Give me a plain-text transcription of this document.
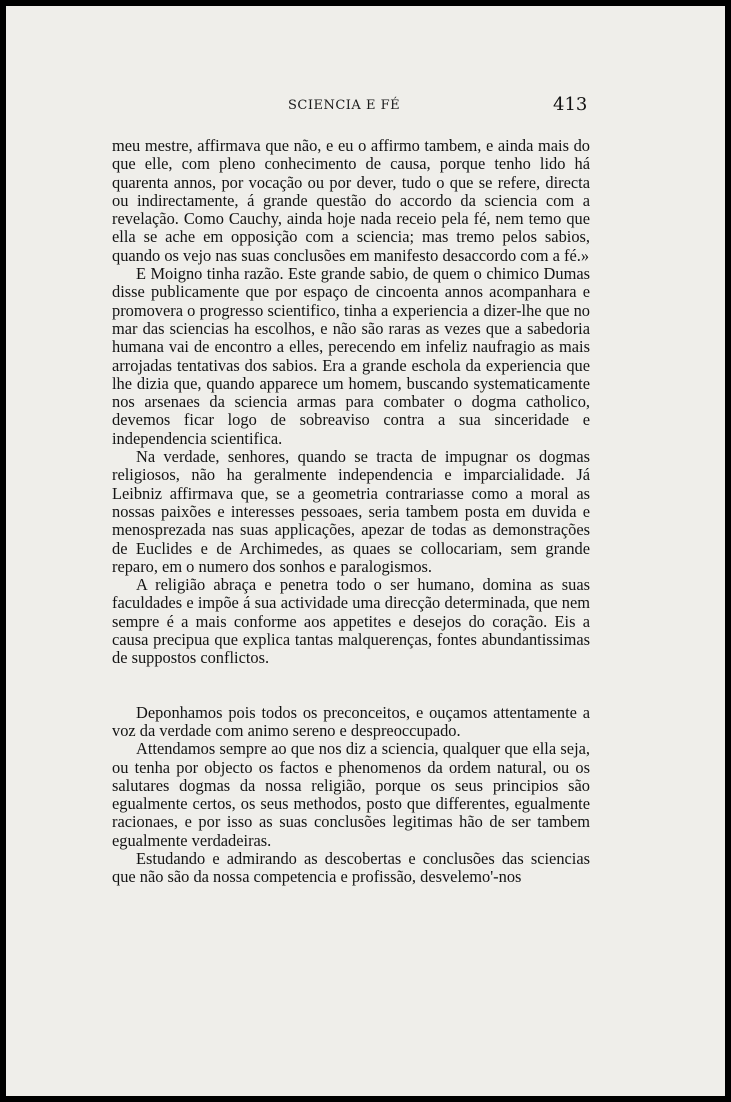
SCIENCIA E FÉ	413

meu mestre, affirmava que não, e eu o affirmo tambem, e ainda mais do que elle, com pleno conhecimento de causa, porque tenho lido há quarenta annos, por vocação ou por dever, tudo o que se refere, directa ou indirectamente, á grande questão do accordo da sciencia com a revelação. Como Cauchy, ainda hoje nada receio pela fé, nem temo que ella se ache em opposição com a sciencia; mas tremo pelos sabios, quando os vejo nas suas conclusões em manifesto desaccordo com a fé.»

E Moigno tinha razão. Este grande sabio, de quem o chimico Dumas disse publicamente que por espaço de cincoenta annos acompanhara e promovera o progresso scientifico, tinha a experiencia a dizer-lhe que no mar das sciencias ha escolhos, e não são raras as vezes que a sabedoria humana vai de encontro a elles, perecendo em infeliz naufragio as mais arrojadas tentativas dos sabios. Era a grande eschola da experiencia que lhe dizia que, quando apparece um homem, buscando systematicamente nos arsenaes da sciencia armas para combater o dogma catholico, devemos ficar logo de sobreaviso contra a sua sinceridade e independencia scientifica.

Na verdade, senhores, quando se tracta de impugnar os dogmas religiosos, não ha geralmente independencia e imparcialidade. Já Leibniz affirmava que, se a geometria contrariasse como a moral as nossas paixões e interesses pessoaes, seria tambem posta em duvida e menosprezada nas suas applicações, apezar de todas as demonstrações de Euclides e de Archimedes, as quaes se collocariam, sem grande reparo, em o numero dos sonhos e paralogismos.

A religião abraça e penetra todo o ser humano, domina as suas faculdades e impõe á sua actividade uma direcção determinada, que nem sempre é a mais conforme aos appetites e desejos do coração. Eis a causa precipua que explica tantas malquerenças, fontes abundantissimas de suppostos conflictos.

Deponhamos pois todos os preconceitos, e ouçamos attentamente a voz da verdade com animo sereno e despreoccupado.

Attendamos sempre ao que nos diz a sciencia, qualquer que ella seja, ou tenha por objecto os factos e phenomenos da ordem natural, ou os salutares dogmas da nossa religião, porque os seus principios são egualmente certos, os seus methodos, posto que differentes, egualmente racionaes, e por isso as suas conclusões legitimas hão de ser tambem egualmente verdadeiras.

Estudando e admirando as descobertas e conclusões das sciencias que não são da nossa competencia e profissão, desvelemo'-nos
